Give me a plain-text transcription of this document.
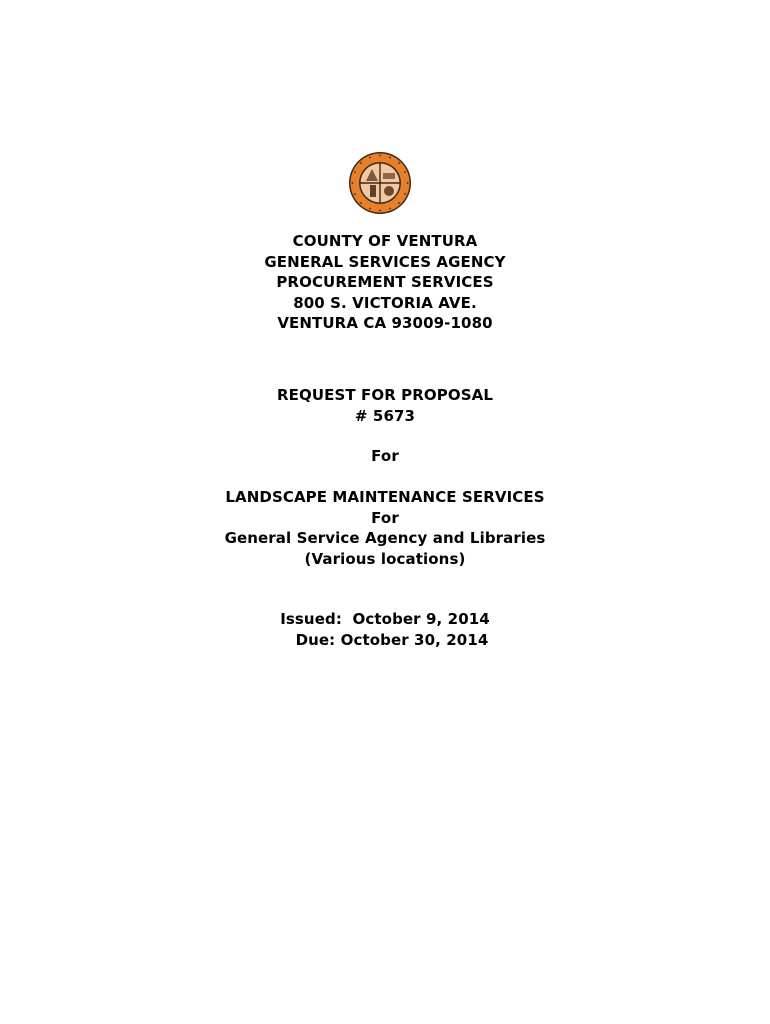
COUNTY OF VENTURA
GENERAL SERVICES AGENCY
PROCUREMENT SERVICES
800 S. VICTORIA AVE.
VENTURA CA 93009-1080
REQUEST FOR PROPOSAL
# 5673
For
LANDSCAPE MAINTENANCE SERVICES
For
General Service Agency and Libraries
(Various locations)
Issued:  October 9, 2014
Due: October 30, 2014
